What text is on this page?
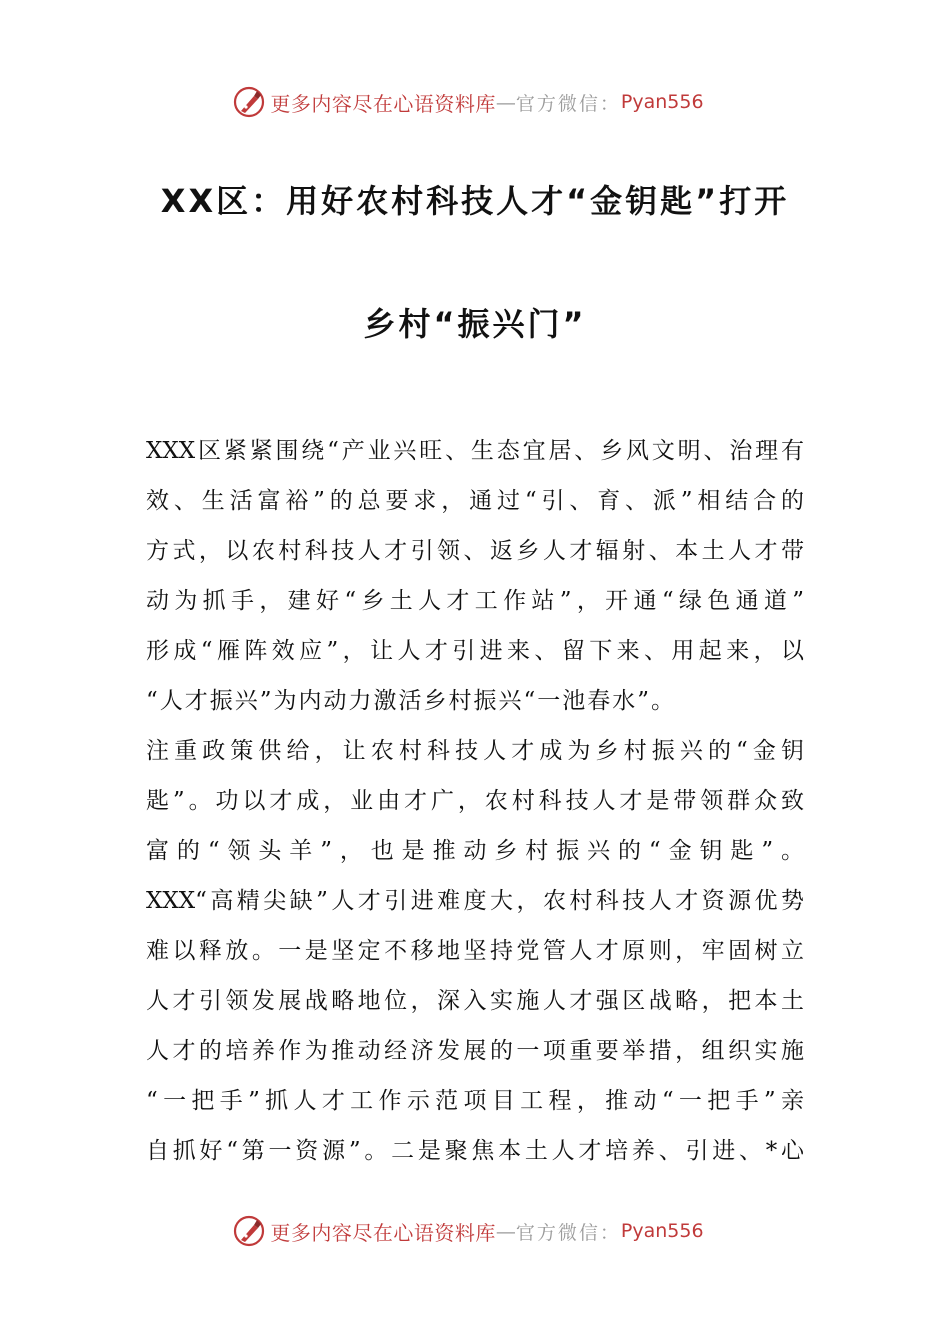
更多内容尽在心语资料库 — 官方微信： Pyan556
XX区：用好农村科技人才“金钥匙”打开
乡村“振兴门”
XXX区紧紧围绕“产业兴旺、生态宜居、乡风文明、治理有
效、生活富裕”的总要求，通过“引、育、派”相结合的
方式，以农村科技人才引领、返乡人才辐射、本土人才带
动为抓手，建好“乡土人才工作站”，开通“绿色通道”
形成“雁阵效应”，让人才引进来、留下来、用起来，以
“人才振兴”为内动力激活乡村振兴“一池春水”。
注重政策供给，让农村科技人才成为乡村振兴的“金钥
匙”。功以才成，业由才广，农村科技人才是带领群众致
富的“领头羊”，也是推动乡村振兴的“金钥匙”。
XXX“高精尖缺”人才引进难度大，农村科技人才资源优势
难以释放。一是坚定不移地坚持党管人才原则，牢固树立
人才引领发展战略地位，深入实施人才强区战略，把本土
人才的培养作为推动经济发展的一项重要举措，组织实施
“一把手”抓人才工作示范项目工程，推动“一把手”亲
自抓好“第一资源”。二是聚焦本土人才培养、引进、*心
更多内容尽在心语资料库 — 官方微信： Pyan556
